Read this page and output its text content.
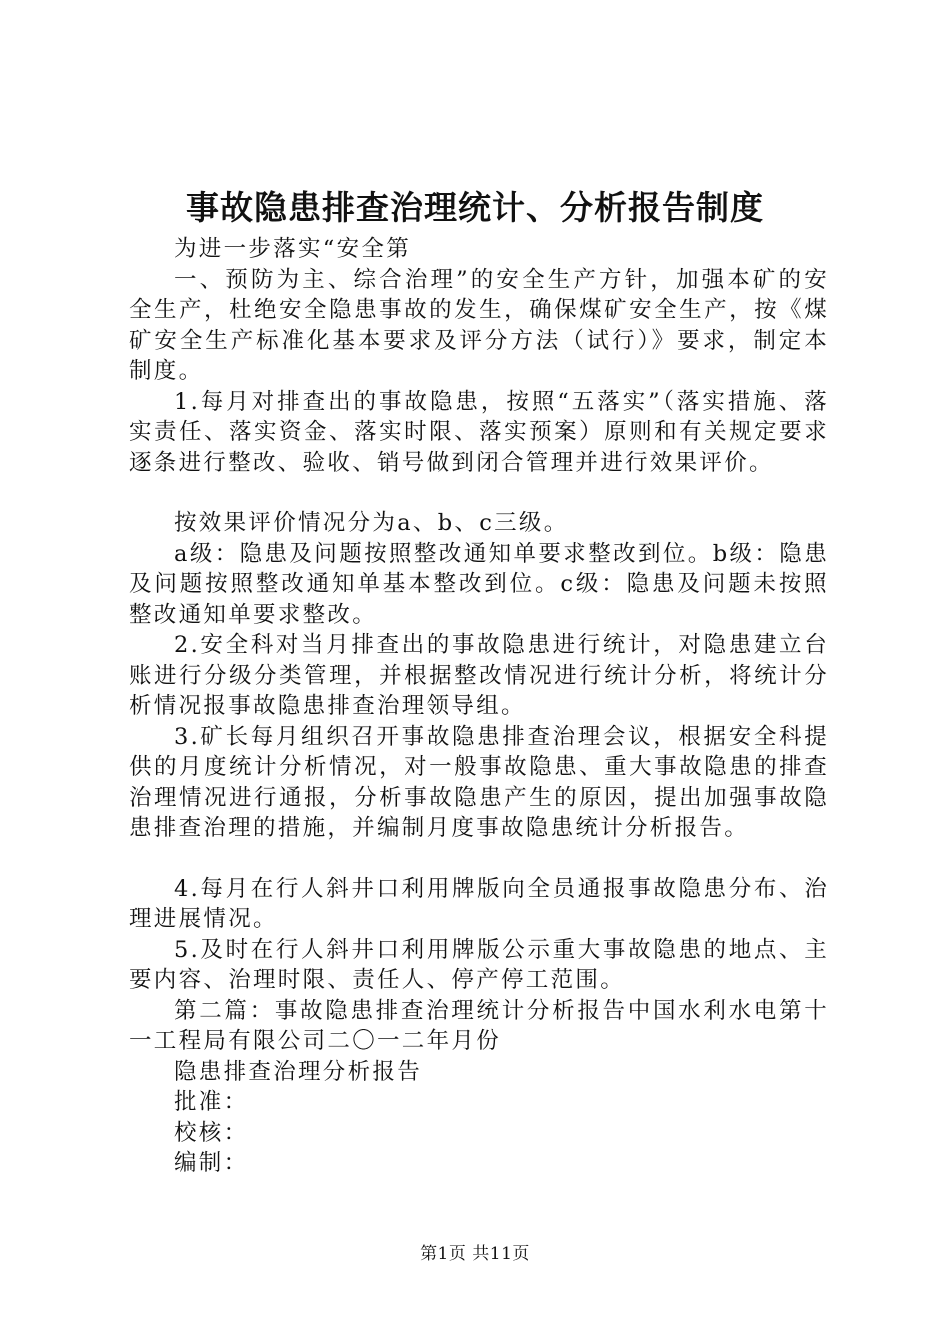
事故隐患排查治理统计、分析报告制度

为进一步落实“安全第

一、预防为主、综合治理”的安全生产方针，加强本矿的安全生产，杜绝安全隐患事故的发生，确保煤矿安全生产，按《煤矿安全生产标准化基本要求及评分方法（试行）》要求，制定本制度。

1.每月对排查出的事故隐患，按照“五落实”（落实措施、落实责任、落实资金、落实时限、落实预案）原则和有关规定要求逐条进行整改、验收、销号做到闭合管理并进行效果评价。

按效果评价情况分为a、b、c三级。

a级：隐患及问题按照整改通知单要求整改到位。b级：隐患及问题按照整改通知单基本整改到位。c级：隐患及问题未按照整改通知单要求整改。

2.安全科对当月排查出的事故隐患进行统计，对隐患建立台账进行分级分类管理，并根据整改情况进行统计分析，将统计分析情况报事故隐患排查治理领导组。

3.矿长每月组织召开事故隐患排查治理会议，根据安全科提供的月度统计分析情况，对一般事故隐患、重大事故隐患的排查治理情况进行通报，分析事故隐患产生的原因，提出加强事故隐患排查治理的措施，并编制月度事故隐患统计分析报告。

4.每月在行人斜井口利用牌版向全员通报事故隐患分布、治理进展情况。

5.及时在行人斜井口利用牌版公示重大事故隐患的地点、主要内容、治理时限、责任人、停产停工范围。

第二篇：事故隐患排查治理统计分析报告中国水利水电第十一工程局有限公司二〇一二年月份

隐患排查治理分析报告

批准：

校核：

编制：

第1页 共11页
